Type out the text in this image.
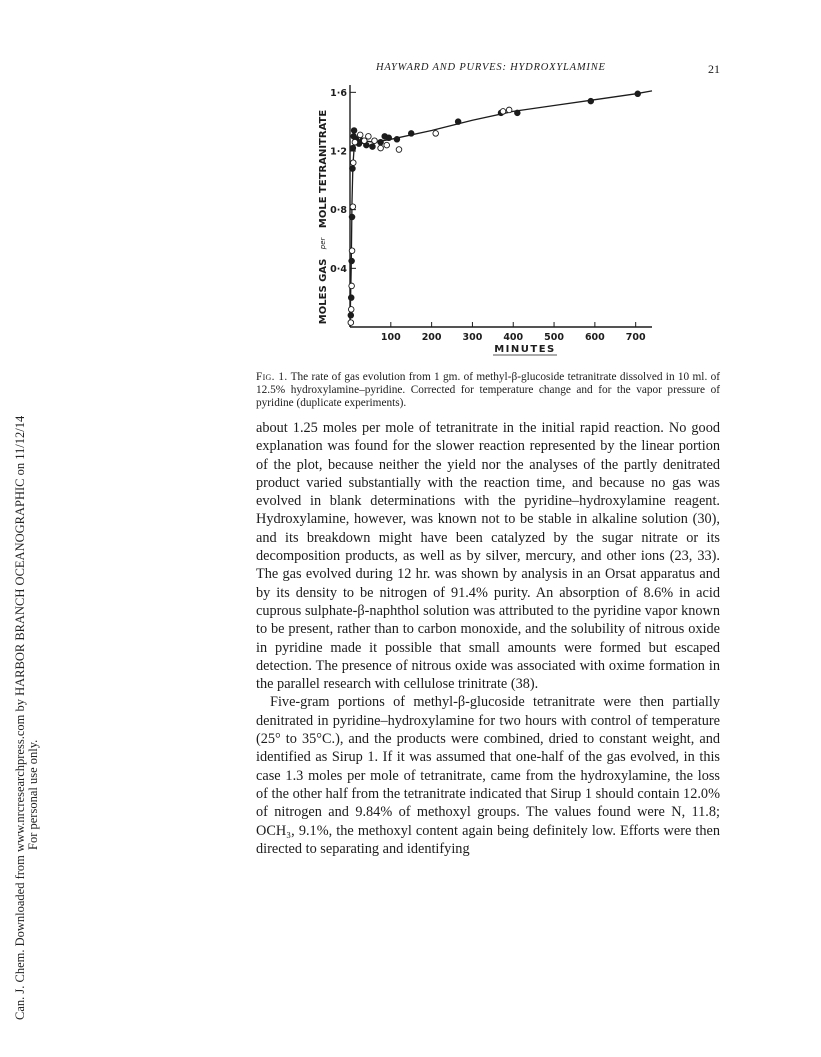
HAYWARD AND PURVES: HYDROXYLAMINE	21
Can. J. Chem. Downloaded from www.nrcresearchpress.com by HARBOR BRANCH OCEANOGRAPHIC on 11/12/14 For personal use only.
MOLES GAS per MOLE TETRANITRATE
100 200 300 400 500 600 700
0·4
0·8
1·2
1·6
MINUTES
Fig. 1. The rate of gas evolution from 1 gm. of methyl-β-glucoside tetranitrate dissolved in 10 ml. of 12.5% hydroxylamine–pyridine. Corrected for temperature change and for the vapor pressure of pyridine (duplicate experiments).

about 1.25 moles per mole of tetranitrate in the initial rapid reaction. No good explanation was found for the slower reaction represented by the linear portion of the plot, because neither the yield nor the analyses of the partly denitrated product varied substantially with the reaction time, and because no gas was evolved in blank determinations with the pyridine–hydroxylamine reagent. Hydroxylamine, however, was known not to be stable in alkaline solution (30), and its breakdown might have been catalyzed by the sugar nitrate or its decomposition products, as well as by silver, mercury, and other ions (23, 33). The gas evolved during 12 hr. was shown by analysis in an Orsat apparatus and by its density to be nitrogen of 91.4% purity. An absorption of 8.6% in acid cuprous sulphate-β-naphthol solution was attributed to the pyridine vapor known to be present, rather than to carbon monoxide, and the solubility of nitrous oxide in pyridine made it possible that small amounts were formed but escaped detection. The presence of nitrous oxide was associated with oxime formation in the parallel research with cellulose trinitrate (38).

Five-gram portions of methyl-β-glucoside tetranitrate were then partially denitrated in pyridine–hydroxylamine for two hours with control of temperature (25° to 35°C.), and the products were combined, dried to constant weight, and identified as Sirup 1. If it was assumed that one-half of the gas evolved, in this case 1.3 moles per mole of tetranitrate, came from the hydroxylamine, the loss of the other half from the tetranitrate indicated that Sirup 1 should contain 12.0% of nitrogen and 9.84% of methoxyl groups. The values found were N, 11.8; OCH₃, 9.1%, the methoxyl content again being definitely low. Efforts were then directed to separating and identifying
